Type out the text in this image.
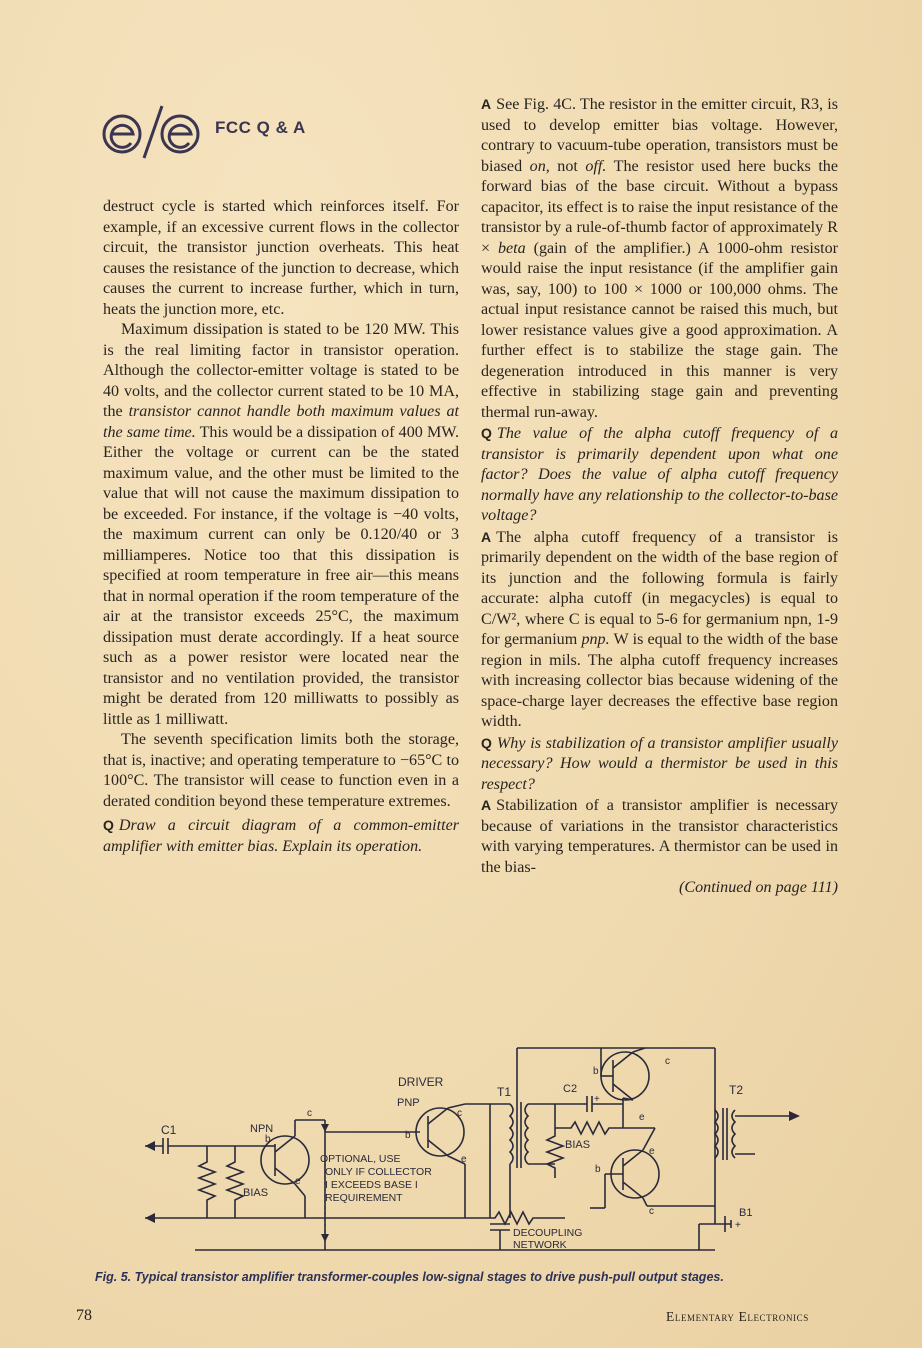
FCC Q & A

destruct cycle is started which reinforces itself. For example, if an excessive current flows in the collector circuit, the transistor junction overheats. This heat causes the resistance of the junction to decrease, which causes the current to increase further, which in turn, heats the junction more, etc.

Maximum dissipation is stated to be 120 MW. This is the real limiting factor in transistor operation. Although the collector-emitter voltage is stated to be 40 volts, and the collector current stated to be 10 MA, the transistor cannot handle both maximum values at the same time. This would be a dissipation of 400 MW. Either the voltage or current can be the stated maximum value, and the other must be limited to the value that will not cause the maximum dissipation to be exceeded. For instance, if the voltage is −40 volts, the maximum current can only be 0.120/40 or 3 milliamperes. Notice too that this dissipation is specified at room temperature in free air—this means that in normal operation if the room temperature of the air at the transistor exceeds 25°C, the maximum dissipation must derate accordingly. If a heat source such as a power resistor were located near the transistor and no ventilation provided, the transistor might be derated from 120 milliwatts to possibly as little as 1 milliwatt.

The seventh specification limits both the storage, that is, inactive; and operating temperature to −65°C to 100°C. The transistor will cease to function even in a derated condition beyond these temperature extremes.

Q Draw a circuit diagram of a common-emitter amplifier with emitter bias. Explain its operation.

A See Fig. 4C. The resistor in the emitter circuit, R3, is used to develop emitter bias voltage. However, contrary to vacuum-tube operation, transistors must be biased on, not off. The resistor used here bucks the forward bias of the base circuit. Without a bypass capacitor, its effect is to raise the input resistance of the transistor by a rule-of-thumb factor of approximately R × beta (gain of the amplifier.) A 1000-ohm resistor would raise the input resistance (if the amplifier gain was, say, 100) to 100 × 1000 or 100,000 ohms. The actual input resistance cannot be raised this much, but lower resistance values give a good approximation. A further effect is to stabilize the stage gain. The degeneration introduced in this manner is very effective in stabilizing stage gain and preventing thermal run-away.

Q The value of the alpha cutoff frequency of a transistor is primarily dependent upon what one factor? Does the value of alpha cutoff frequency normally have any relationship to the collector-to-base voltage?

A The alpha cutoff frequency of a transistor is primarily dependent on the width of the base region of its junction and the following formula is fairly accurate: alpha cutoff (in megacycles) is equal to C/W², where C is equal to 5-6 for germanium npn, 1-9 for germanium pnp. W is equal to the width of the base region in mils. The alpha cutoff frequency increases with increasing collector bias because widening of the space-charge layer decreases the effective base region width.

Q Why is stabilization of a transistor amplifier usually necessary? How would a thermistor be used in this respect?

A Stabilization of a transistor amplifier is necessary because of variations in the transistor characteristics with varying temperatures. A thermistor can be used in the bias-

(Continued on page 111)

C1	NPN
BIAS
DRIVER
PNP
OPTIONAL, USE
ONLY IF COLLECTOR
I EXCEEDS BASE I
REQUIREMENT
T1	C2
BIAS
T2
B1
DECOUPLING
NETWORK
b
c
e
b
c
e
b
c
e
b
e
c
+
+
Fig. 5. Typical transistor amplifier transformer-couples low-signal stages to drive push-pull output stages.
78	Elementary Electronics
